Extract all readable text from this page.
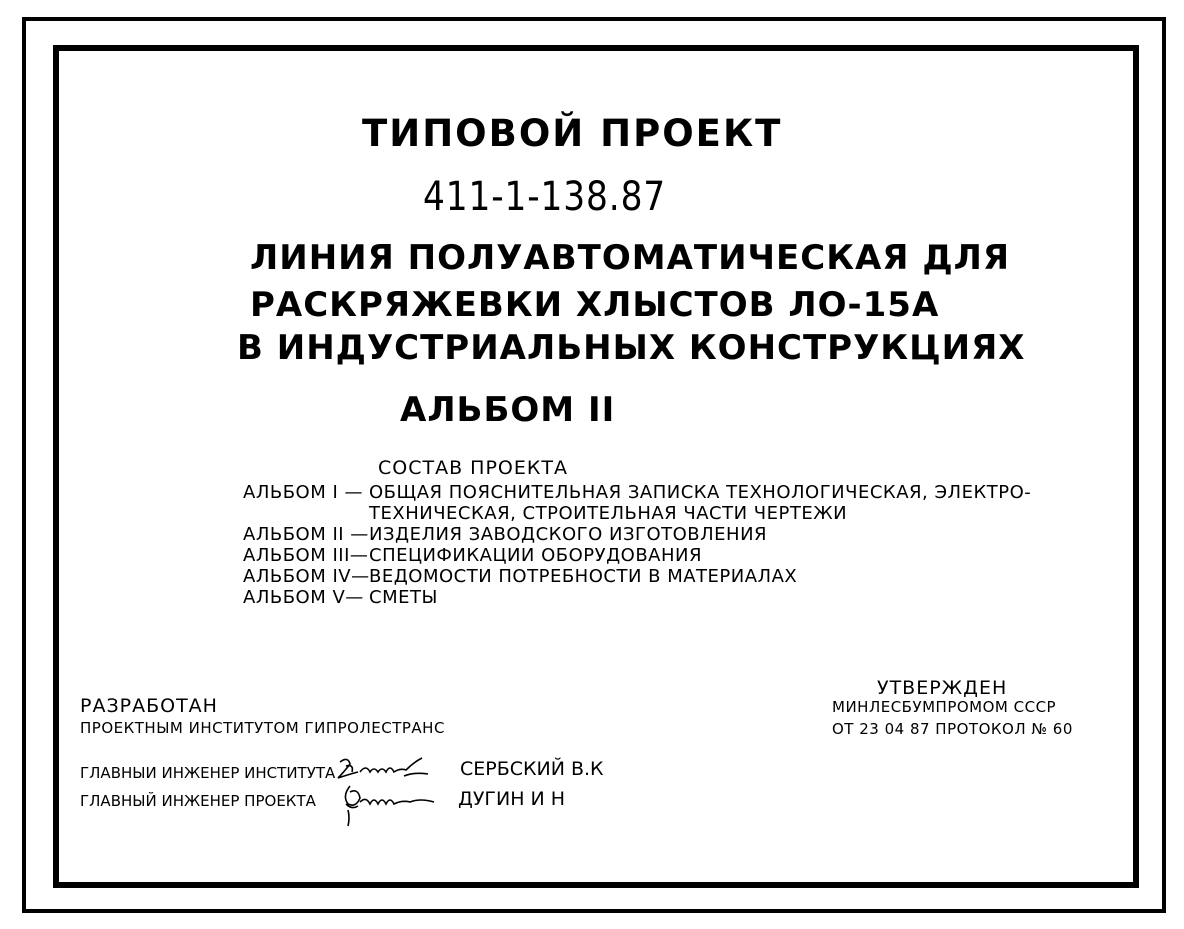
ТИПОВОЙ ПРОЕКТ
411-1-138.87
ЛИНИЯ ПОЛУАВТОМАТИЧЕСКАЯ ДЛЯ
РАСКРЯЖЕВКИ ХЛЫСТОВ ЛО-15А
В ИНДУСТРИАЛЬНЫХ КОНСТРУКЦИЯХ
АЛЬБОМ II
СОСТАВ ПРОЕКТА
АЛЬБОМ I — ОБЩАЯ ПОЯСНИТЕЛЬНАЯ ЗАПИСКА ТЕХНОЛОГИЧЕСКАЯ, ЭЛЕКТРО-
ТЕХНИЧЕСКАЯ, СТРОИТЕЛЬНАЯ ЧАСТИ ЧЕРТЕЖИ
АЛЬБОМ II —ИЗДЕЛИЯ ЗАВОДСКОГО ИЗГОТОВЛЕНИЯ
АЛЬБОМ III—СПЕЦИФИКАЦИИ ОБОРУДОВАНИЯ
АЛЬБОМ IV—ВЕДОМОСТИ ПОТРЕБНОСТИ В МАТЕРИАЛАХ
АЛЬБОМ V— СМЕТЫ
РАЗРАБОТАН
ПРОЕКТНЫМ ИНСТИТУТОМ ГИПРОЛЕСТРАНС
ГЛАВНЫИ ИНЖЕНЕР ИНСТИТУТА	СЕРБСКИЙ В.К
ГЛАВНЫЙ ИНЖЕНЕР ПРОЕКТА	ДУГИН И Н
УТВЕРЖДЕН
МИНЛЕСБУМПРОМОМ СССР
ОТ 23 04 87 ПРОТОКОЛ № 60
